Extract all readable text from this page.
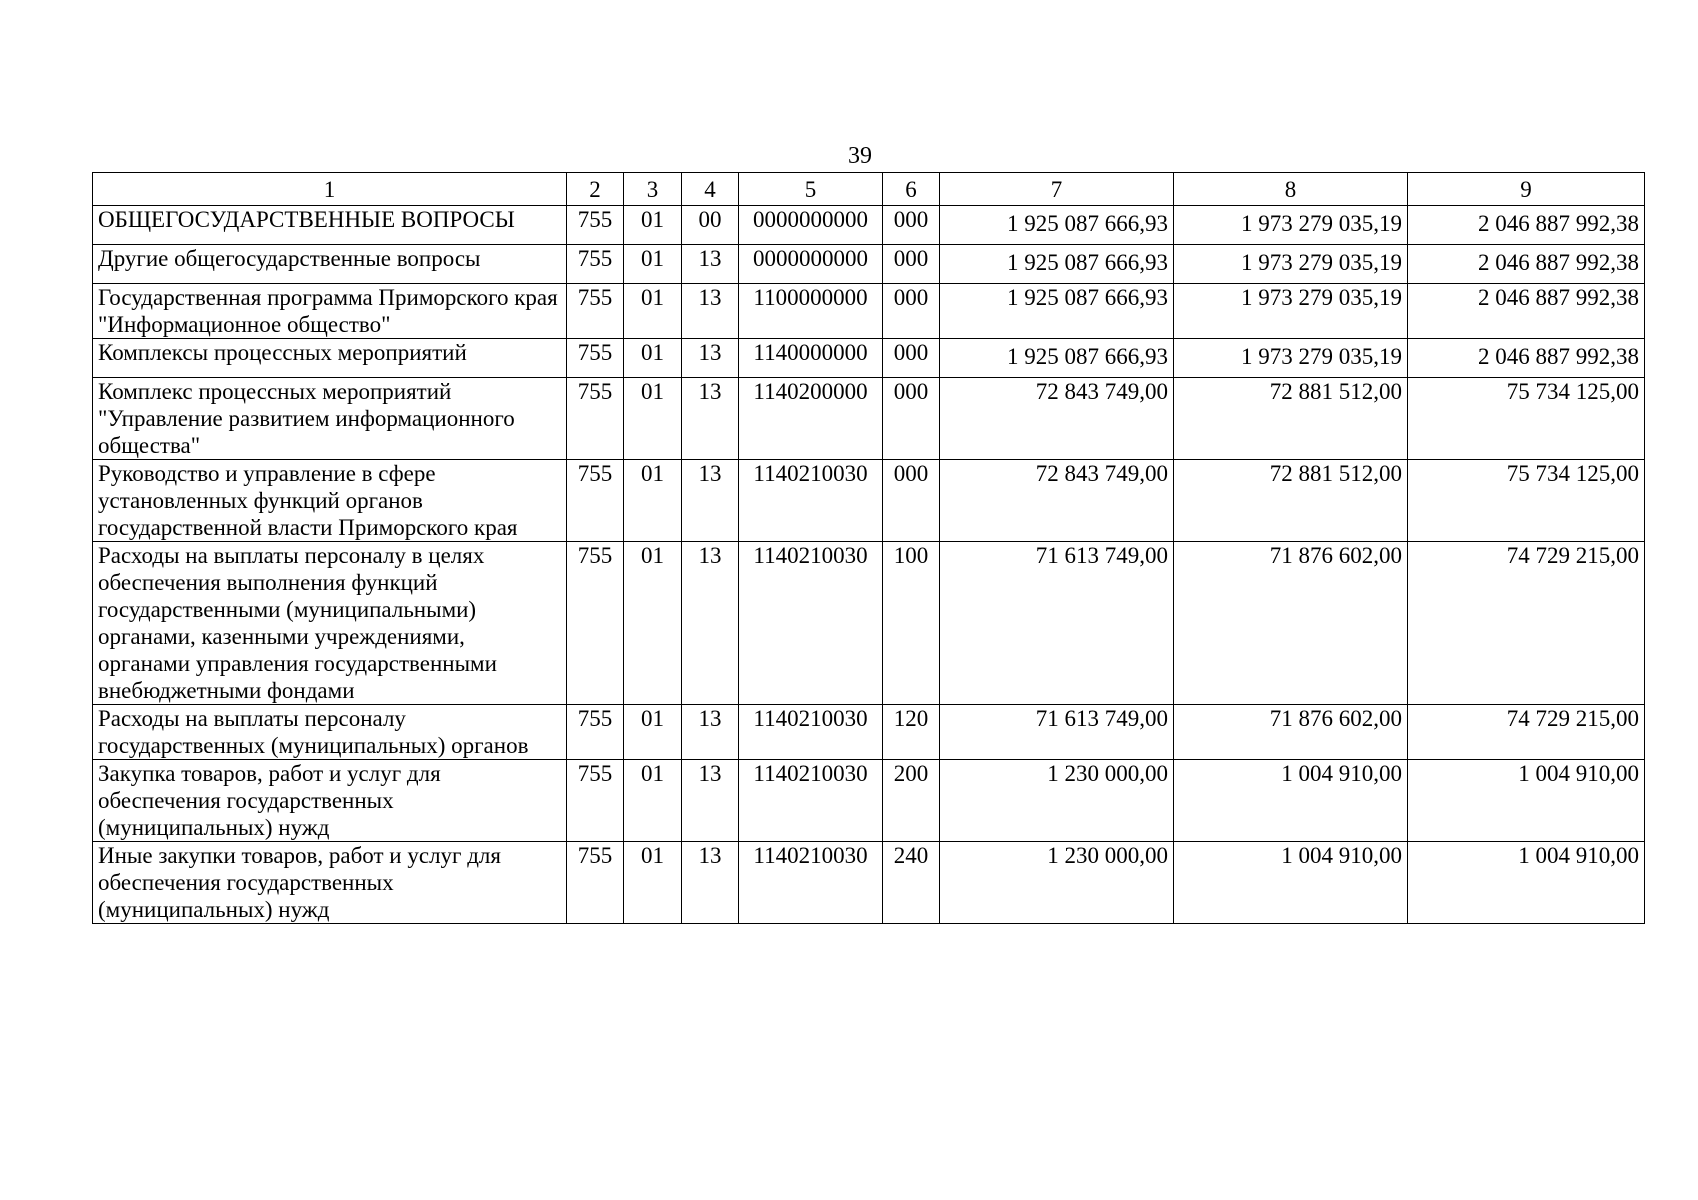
39
1	2	3	4	5	6	7	8	9
ОБЩЕГОСУДАРСТВЕННЫЕ ВОПРОСЫ	755	01	00	0000000000	000	1 925 087 666,93	1 973 279 035,19	2 046 887 992,38
Другие общегосударственные вопросы	755	01	13	0000000000	000	1 925 087 666,93	1 973 279 035,19	2 046 887 992,38
Государственная программа Приморского края "Информационное общество"	755	01	13	1100000000	000	1 925 087 666,93	1 973 279 035,19	2 046 887 992,38
Комплексы процессных мероприятий	755	01	13	1140000000	000	1 925 087 666,93	1 973 279 035,19	2 046 887 992,38
Комплекс процессных мероприятий "Управление развитием информационного общества"	755	01	13	1140200000	000	72 843 749,00	72 881 512,00	75 734 125,00
Руководство и управление в сфере установленных функций органов государственной власти Приморского края	755	01	13	1140210030	000	72 843 749,00	72 881 512,00	75 734 125,00
Расходы на выплаты персоналу в целях обеспечения выполнения функций государственными (муниципальными) органами, казенными учреждениями, органами управления государственными внебюджетными фондами	755	01	13	1140210030	100	71 613 749,00	71 876 602,00	74 729 215,00
Расходы на выплаты персоналу государственных (муниципальных) органов	755	01	13	1140210030	120	71 613 749,00	71 876 602,00	74 729 215,00
Закупка товаров, работ и услуг для обеспечения государственных (муниципальных) нужд	755	01	13	1140210030	200	1 230 000,00	1 004 910,00	1 004 910,00
Иные закупки товаров, работ и услуг для обеспечения государственных (муниципальных) нужд	755	01	13	1140210030	240	1 230 000,00	1 004 910,00	1 004 910,00
